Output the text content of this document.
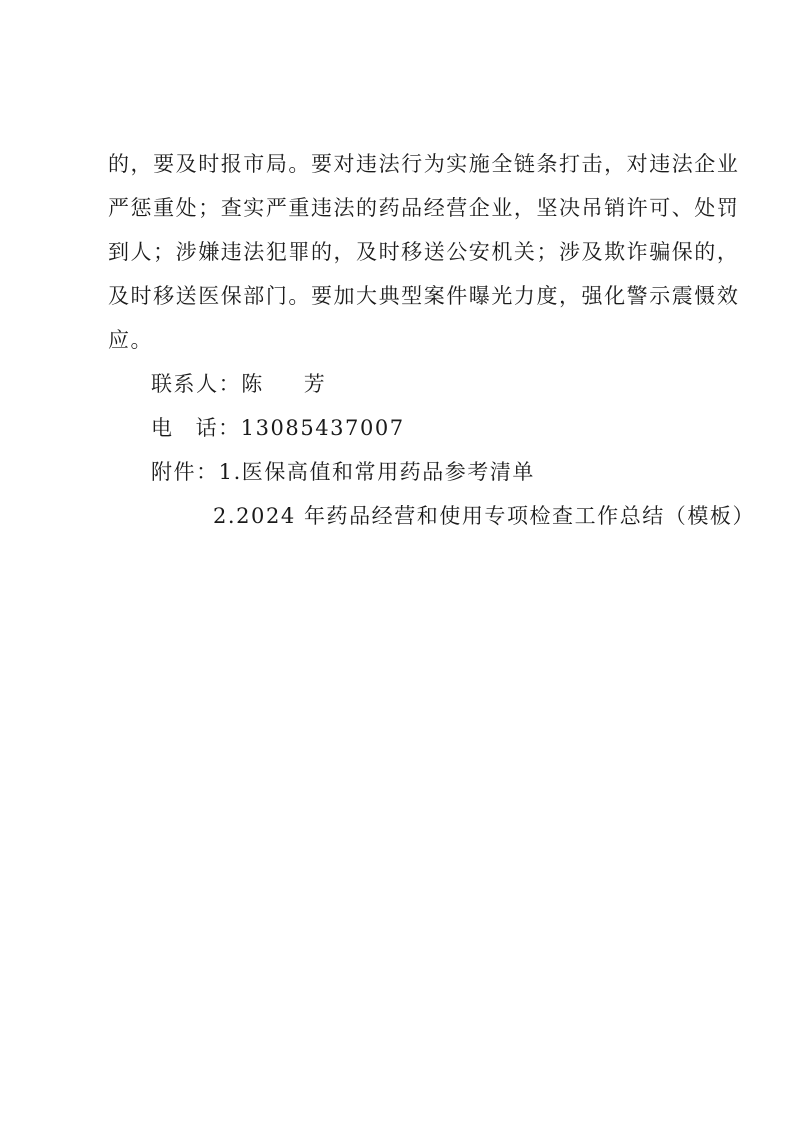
的，要及时报市局。要对违法行为实施全链条打击，对违法企业
严惩重处；查实严重违法的药品经营企业，坚决吊销许可、处罚
到人；涉嫌违法犯罪的，及时移送公安机关；涉及欺诈骗保的，
及时移送医保部门。要加大典型案件曝光力度，强化警示震慑效
应。
联系人：陈 芳
电 话：13085437007
附件：1.医保高值和常用药品参考清单
2.2024 年药品经营和使用专项检查工作总结（模板）
